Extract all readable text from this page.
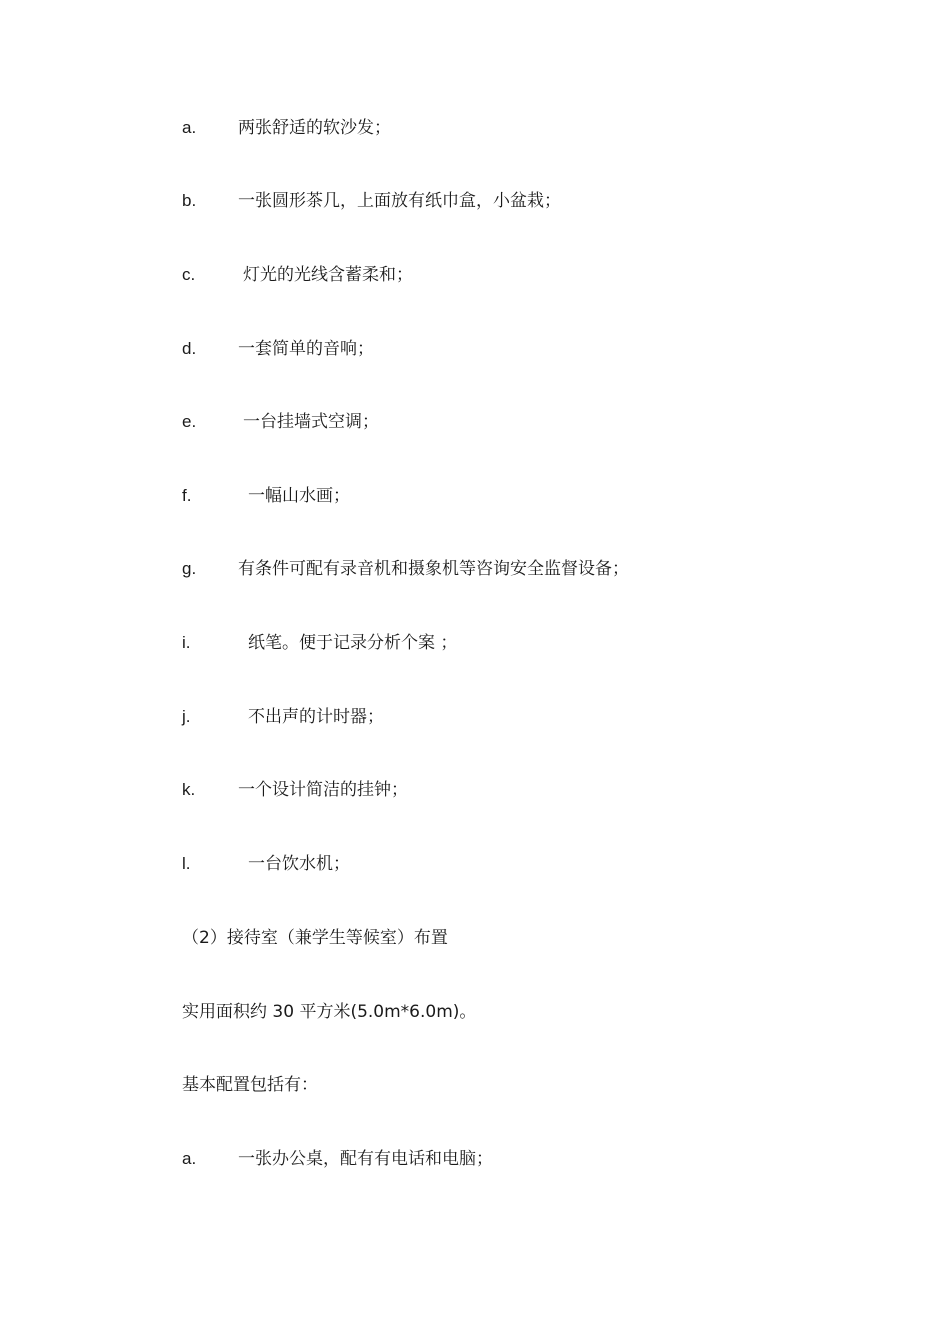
a. 两张舒适的软沙发；
b. 一张圆形茶几，上面放有纸巾盒，小盆栽；
c.	灯光的光线含蓄柔和；
d. 一套简单的音响；
e.	一台挂墙式空调；
f.	一幅山水画；
g. 有条件可配有录音机和摄象机等咨询安全监督设备；
i.	纸笔。便于记录分析个案 ；
j.	不出声的计时器；
k.	一个设计简洁的挂钟；
l.	一台饮水机；
（2）接待室（兼学生等候室）布置
实用面积约 30 平方米(5.0m*6.0m)。
基本配置包括有：
a. 一张办公桌，配有有电话和电脑；
